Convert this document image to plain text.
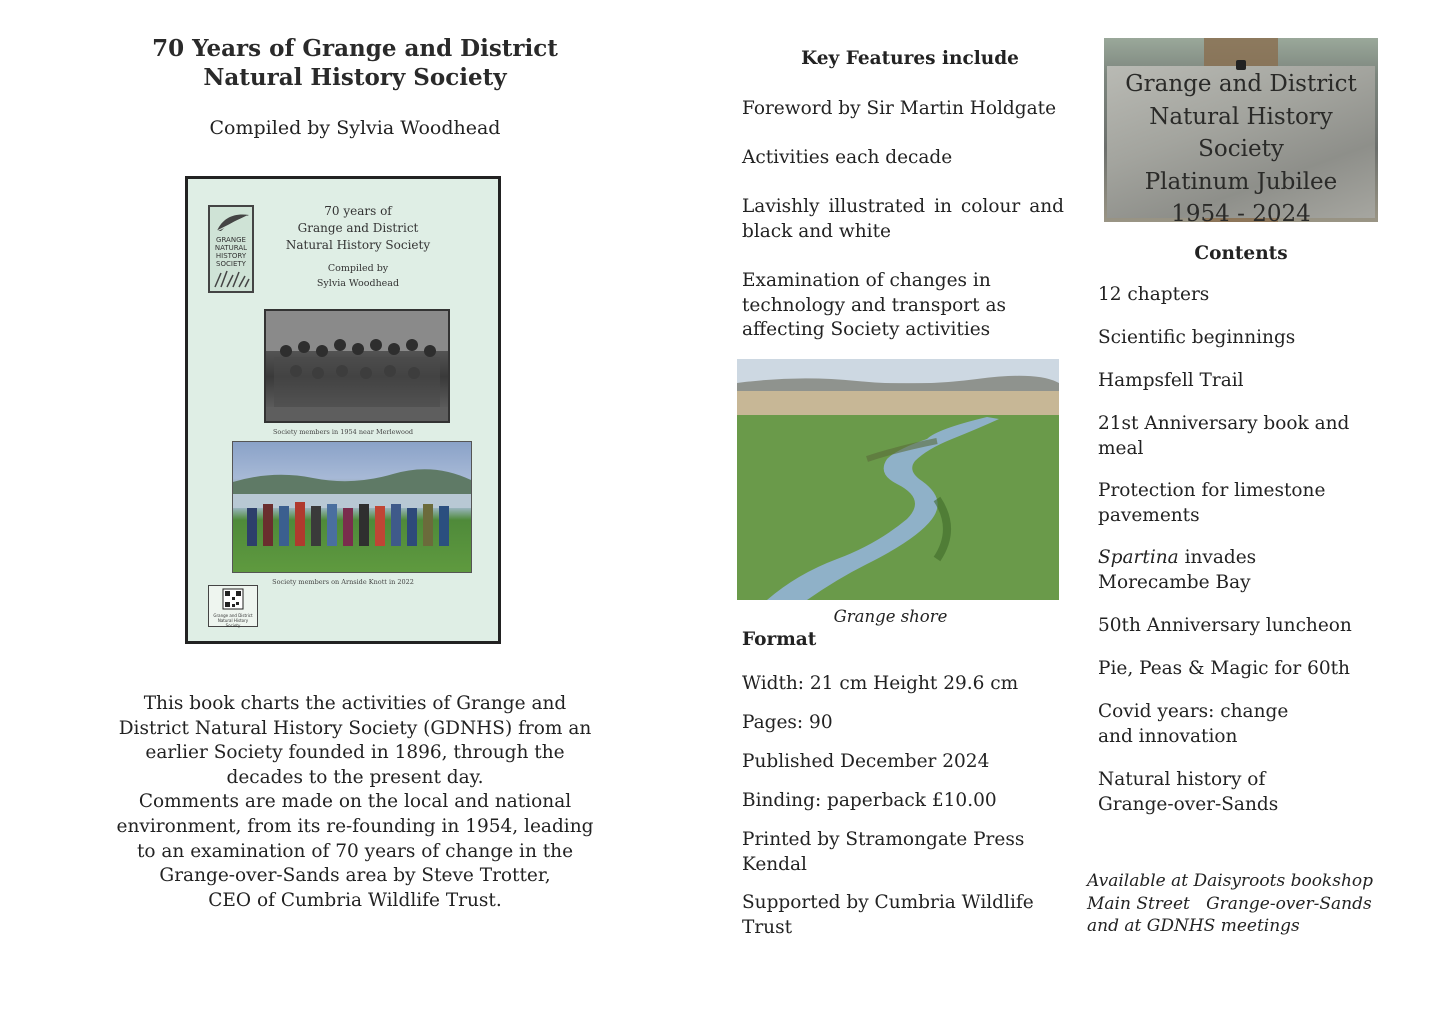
70 Years of Grange and District
Natural History Society
Compiled by Sylvia Woodhead
GRANGE
NATURAL
HISTORY
SOCIETY
70 years of
Grange and District
Natural History Society
Compiled by
Sylvia Woodhead
Society members in 1954 near Merlewood
Society members on Arnside Knott in 2022
Grange and District Natural History Society
This book charts the activities of Grange and
District Natural History Society (GDNHS) from an
earlier Society founded in 1896, through the
decades to the present day.
Comments are made on the local and national
environment, from its re-founding in 1954, leading
to an examination of 70 years of change in the
Grange-over-Sands area by Steve Trotter,
CEO of Cumbria Wildlife Trust.
Key Features include
Foreword by Sir Martin Holdgate
Activities each decade
Lavishly illustrated in colour and black and white
Examination of changes in technology and transport as affecting Society activities
Grange shore
Format
Width: 21 cm Height 29.6 cm
Pages: 90
Published December 2024
Binding: paperback £10.00
Printed by Stramongate Press Kendal
Supported by Cumbria Wildlife Trust
Grange and District
Natural History Society
Platinum Jubilee
1954 - 2024
Contents
12 chapters
Scientific beginnings
Hampsfell Trail
21st Anniversary book and meal
Protection for limestone pavements
Spartina invades Morecambe Bay
50th Anniversary luncheon
Pie, Peas & Magic for 60th
Covid years: change and innovation
Natural history of Grange-over-Sands
Available at Daisyroots bookshop
Main Street   Grange-over-Sands
and at GDNHS meetings
